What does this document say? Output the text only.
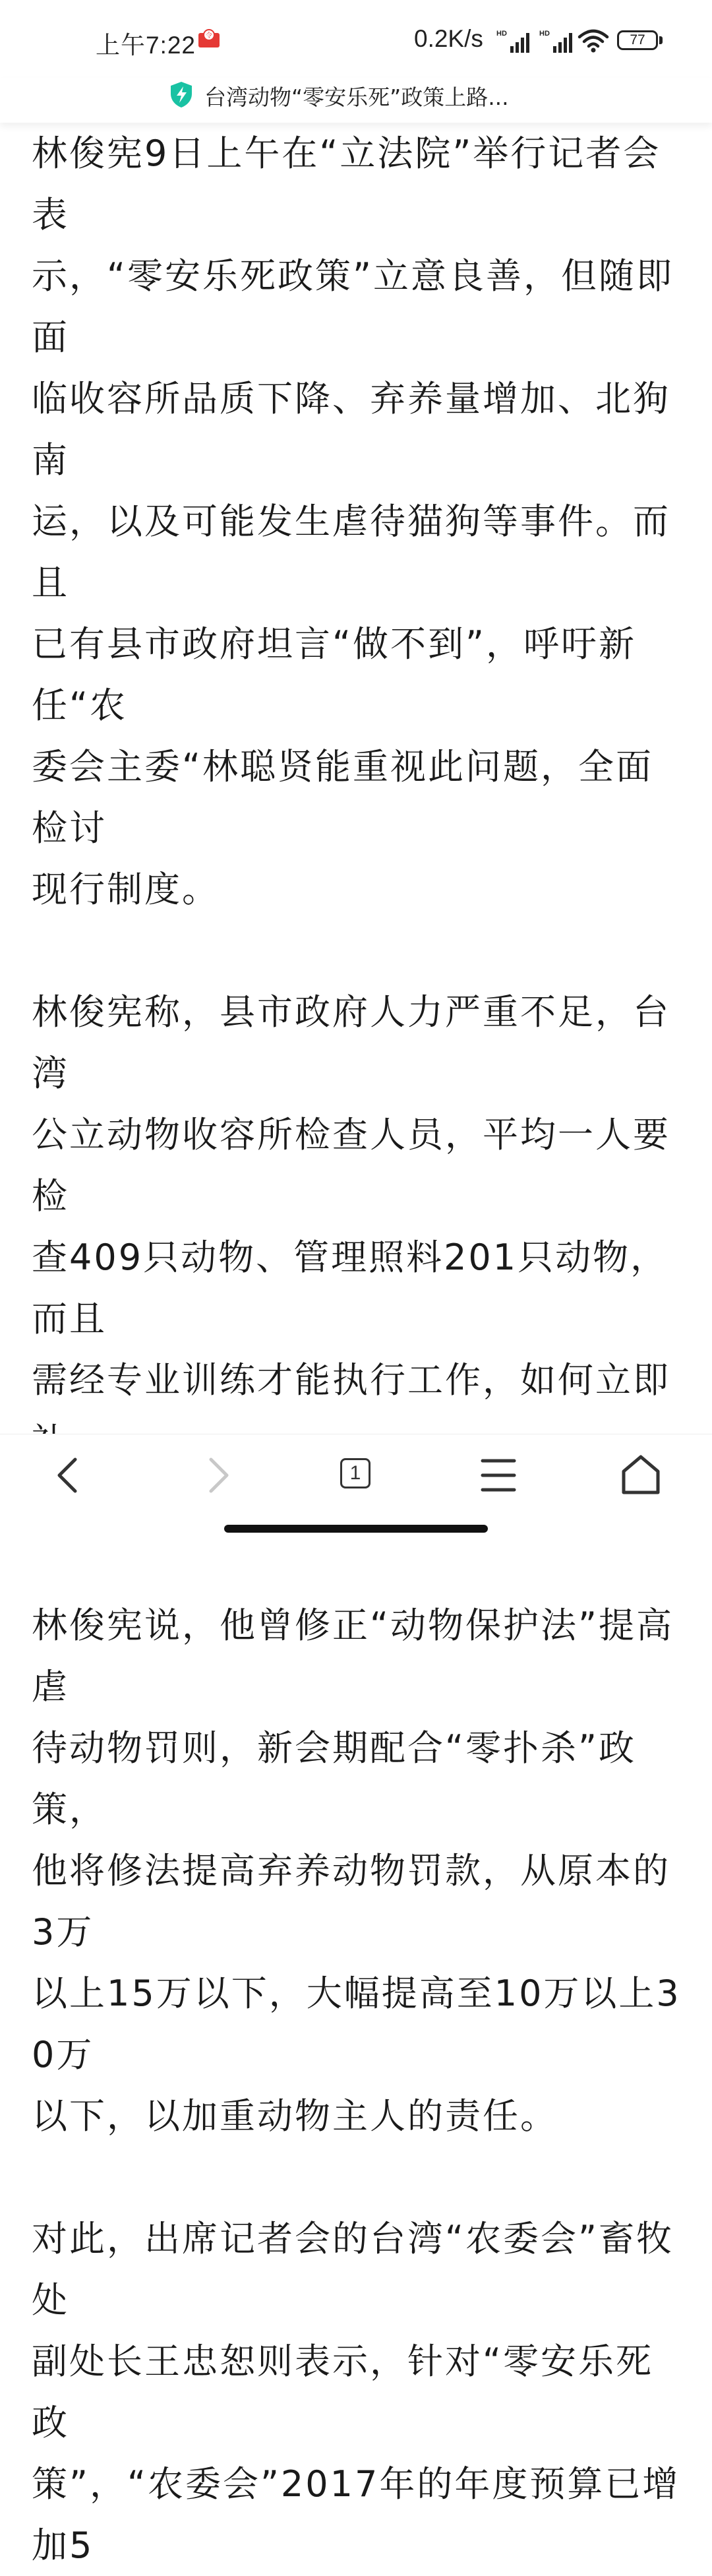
上午7:22 令	0.2K/s HD	HD	77
台湾动物“零安乐死”政策上路...

林俊宪9日上午在“立法院”举行记者会表
示，“零安乐死政策”立意良善，但随即面
临收容所品质下降、弃养量增加、北狗南
运，以及可能发生虐待猫狗等事件。而且
已有县市政府坦言“做不到”，呼吁新任“农
委会主委“林聪贤能重视此问题，全面检讨
现行制度。

林俊宪称，县市政府人力严重不足，台湾
公立动物收容所检查人员，平均一人要检
查409只动物、管理照料201只动物，而且
需经专业训练才能执行工作，如何立即

林俊宪说，他曾修正“动物保护法”提高虐
待动物罚则，新会期配合“零扑杀”政策，
他将修法提高弃养动物罚款，从原本的3万
以上15万以下，大幅提高至10万以上30万
以下，以加重动物主人的责任。

对此，出席记者会的台湾“农委会”畜牧处
副处长王忠恕则表示，针对“零安乐死政
策”，“农委会”2017年的年度预算已增加5

1
